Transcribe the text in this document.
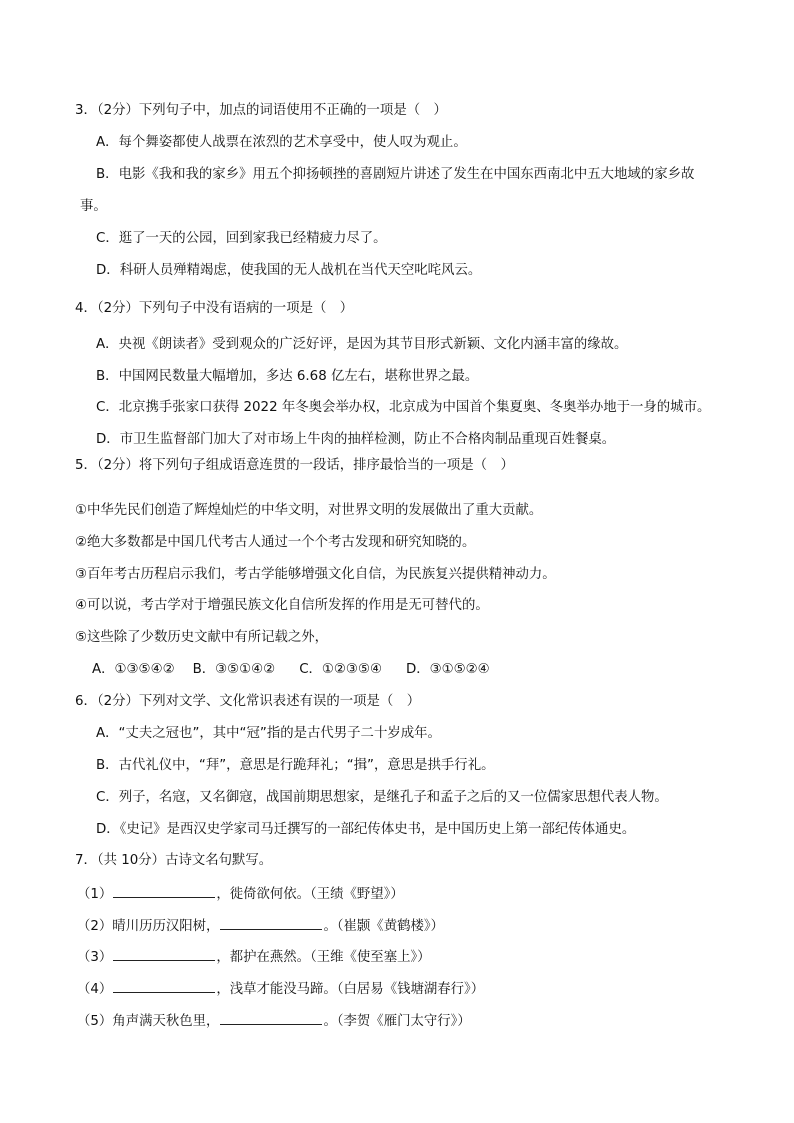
3．（2分）下列句子中，加点的词语使用不正确的一项是（　）
A．每个舞姿都使人战票在浓烈的艺术享受中，使人叹为观止。
B．电影《我和我的家乡》用五个抑扬顿挫的喜剧短片讲述了发生在中国东西南北中五大地域的家乡故
事。
C．逛了一天的公园，回到家我已经精疲力尽了。
D．科研人员殚精竭虑，使我国的无人战机在当代天空叱咤风云。
4．（2分）下列句子中没有语病的一项是（　）
A．央视《朗读者》受到观众的广泛好评，是因为其节目形式新颖、文化内涵丰富的缘故。
B．中国网民数量大幅增加，多达 6.68 亿左右，堪称世界之最。
C．北京携手张家口获得 2022 年冬奥会举办权，北京成为中国首个集夏奥、冬奥举办地于一身的城市。
D．市卫生监督部门加大了对市场上牛肉的抽样检测，防止不合格肉制品重现百姓餐桌。
5．（2分）将下列句子组成语意连贯的一段话，排序最恰当的一项是（　）
①中华先民们创造了辉煌灿烂的中华文明，对世界文明的发展做出了重大贡献。
②绝大多数都是中国几代考古人通过一个个考古发现和研究知晓的。
③百年考古历程启示我们，考古学能够增强文化自信，为民族复兴提供精神动力。
④可以说，考古学对于增强民族文化自信所发挥的作用是无可替代的。
⑤这些除了少数历史文献中有所记载之外，
A．①③⑤④② B．③⑤①④② C．①②③⑤④ D．③①⑤②④
6．（2分）下列对文学、文化常识表述有误的一项是（　）
A．“丈夫之冠也”，其中“冠”指的是古代男子二十岁成年。
B．古代礼仪中，“拜”，意思是行跪拜礼；“揖”，意思是拱手行礼。
C．列子，名寇，又名御寇，战国前期思想家，是继孔子和孟子之后的又一位儒家思想代表人物。
D．《史记》是西汉史学家司马迁撰写的一部纪传体史书，是中国历史上第一部纪传体通史。
7．（共 10分）古诗文名句默写。
（1）	，徙倚欲何依。（王绩《野望》）
（2）晴川历历汉阳树，	。（崔颢《黄鹤楼》）
（3）	，都护在燕然。（王维《使至塞上》）
（4）	，浅草才能没马蹄。（白居易《钱塘湖春行》）
（5）角声满天秋色里，	。（李贺《雁门太守行》）
